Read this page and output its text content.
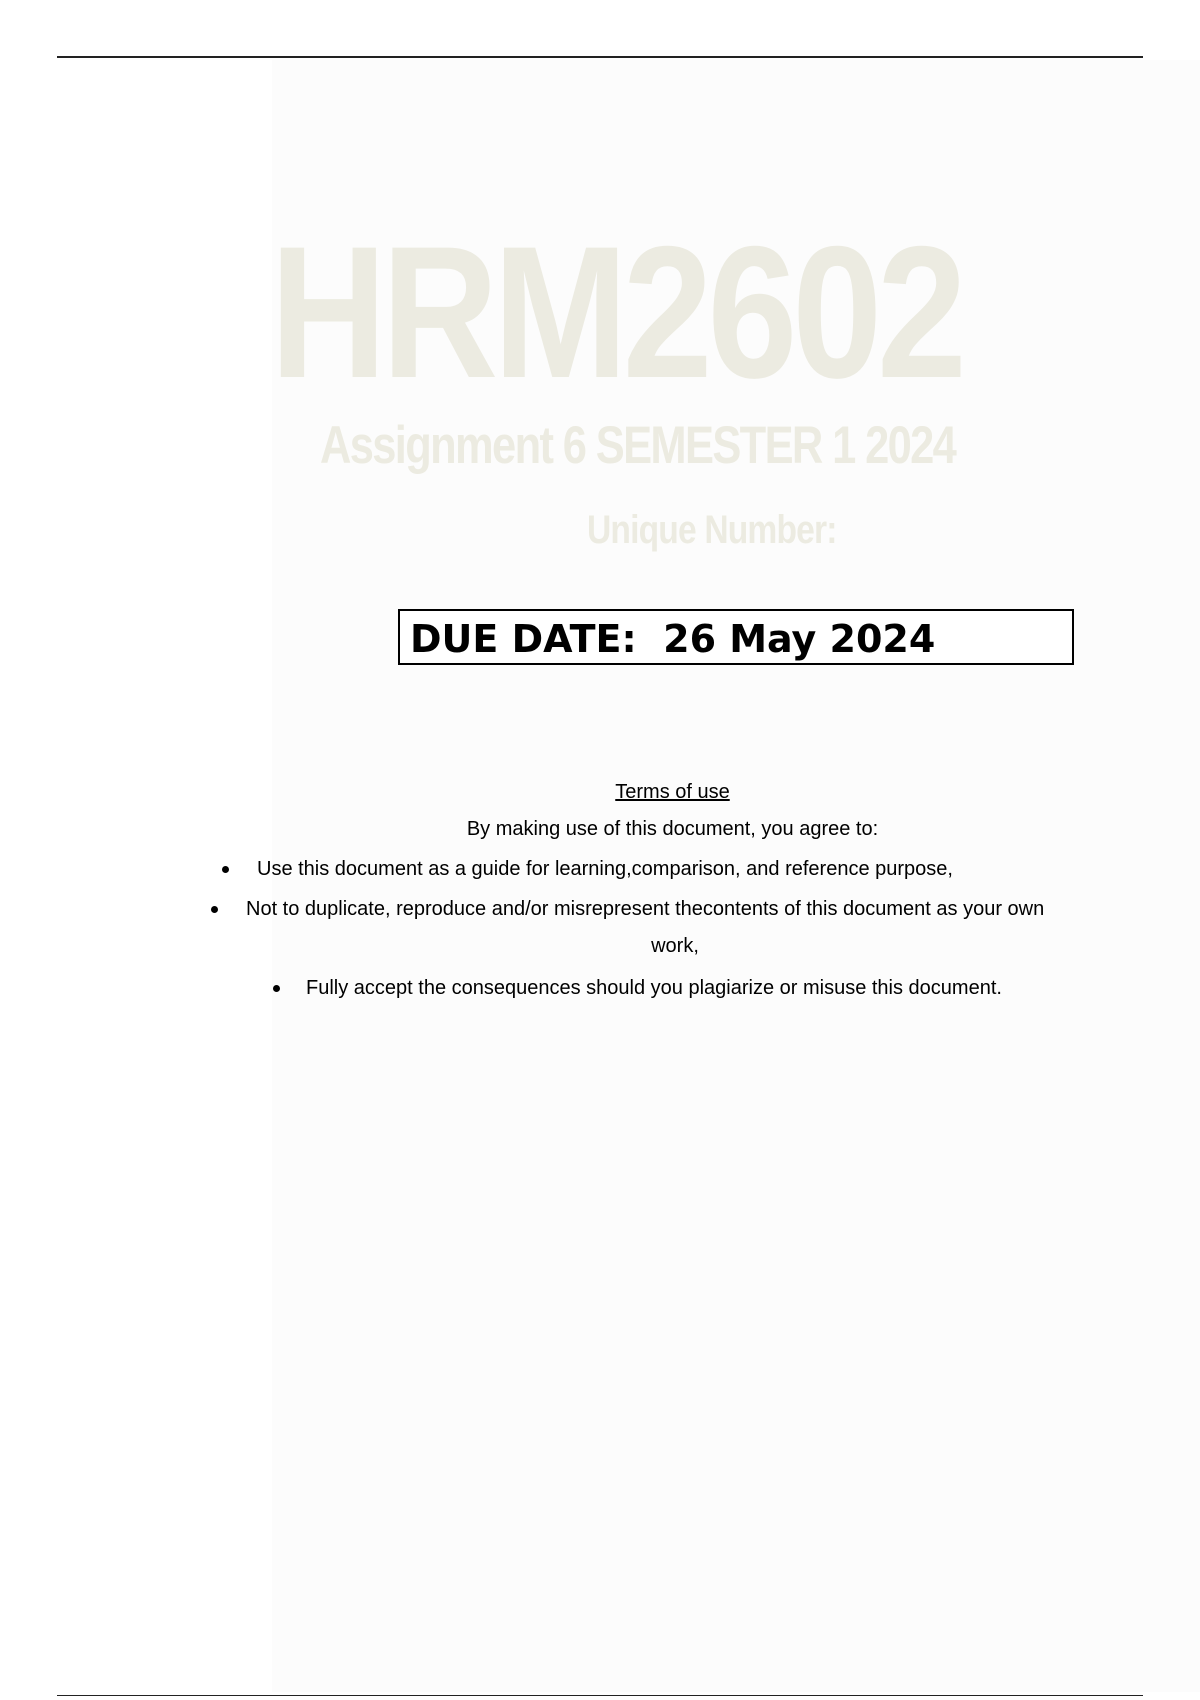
HRM2602
Assignment 6 SEMESTER 1 2024
Unique Number:
DUE DATE:  26 May 2024
Terms of use
By making use of this document, you agree to:
Use this document as a guide for learning,comparison, and reference purpose,
Not to duplicate, reproduce and/or misrepresent thecontents of this document as your own
work,
Fully accept the consequences should you plagiarize or misuse this document.
